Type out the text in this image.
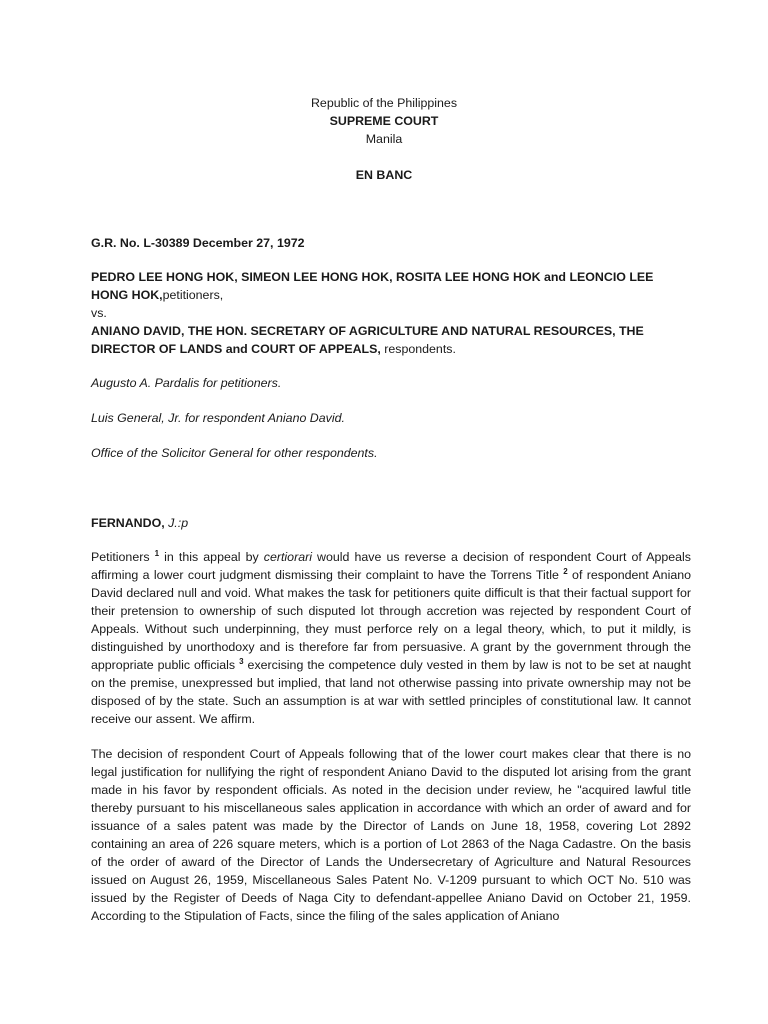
Republic of the Philippines
SUPREME COURT
Manila
EN BANC
G.R. No. L-30389 December 27, 1972

PEDRO LEE HONG HOK, SIMEON LEE HONG HOK, ROSITA LEE HONG HOK and LEONCIO LEE HONG HOK,petitioners,

vs.

ANIANO DAVID, THE HON. SECRETARY OF AGRICULTURE AND NATURAL RESOURCES, THE DIRECTOR OF LANDS and COURT OF APPEALS, respondents.

Augusto A. Pardalis for petitioners.
Luis General, Jr. for respondent Aniano David.
Office of the Solicitor General for other respondents.
FERNANDO, J.:p
Petitioners $^1$ in this appeal by certiorari would have us reverse a decision of respondent Court of Appeals affirming a lower court judgment dismissing their complaint to have the Torrens Title $^2$ of respondent Aniano David declared null and void. What makes the task for petitioners quite difficult is that their factual support for their pretension to ownership of such disputed lot through accretion was rejected by respondent Court of Appeals. Without such underpinning, they must perforce rely on a legal theory, which, to put it mildly, is distinguished by unorthodoxy and is therefore far from persuasive. A grant by the government through the appropriate public officials $^3$ exercising the competence duly vested in them by law is not to be set at naught on the premise, unexpressed but implied, that land not otherwise passing into private ownership may not be disposed of by the state. Such an assumption is at war with settled principles of constitutional law. It cannot receive our assent. We affirm.
The decision of respondent Court of Appeals following that of the lower court makes clear that there is no legal justification for nullifying the right of respondent Aniano David to the disputed lot arising from the grant made in his favor by respondent officials. As noted in the decision under review, he "acquired lawful title thereby pursuant to his miscellaneous sales application in accordance with which an order of award and for issuance of a sales patent was made by the Director of Lands on June 18, 1958, covering Lot 2892 containing an area of 226 square meters, which is a portion of Lot 2863 of the Naga Cadastre. On the basis of the order of award of the Director of Lands the Undersecretary of Agriculture and Natural Resources issued on August 26, 1959, Miscellaneous Sales Patent No. V-1209 pursuant to which OCT No. 510 was issued by the Register of Deeds of Naga City to defendant-appellee Aniano David on October 21, 1959. According to the Stipulation of Facts, since the filing of the sales application of Aniano
